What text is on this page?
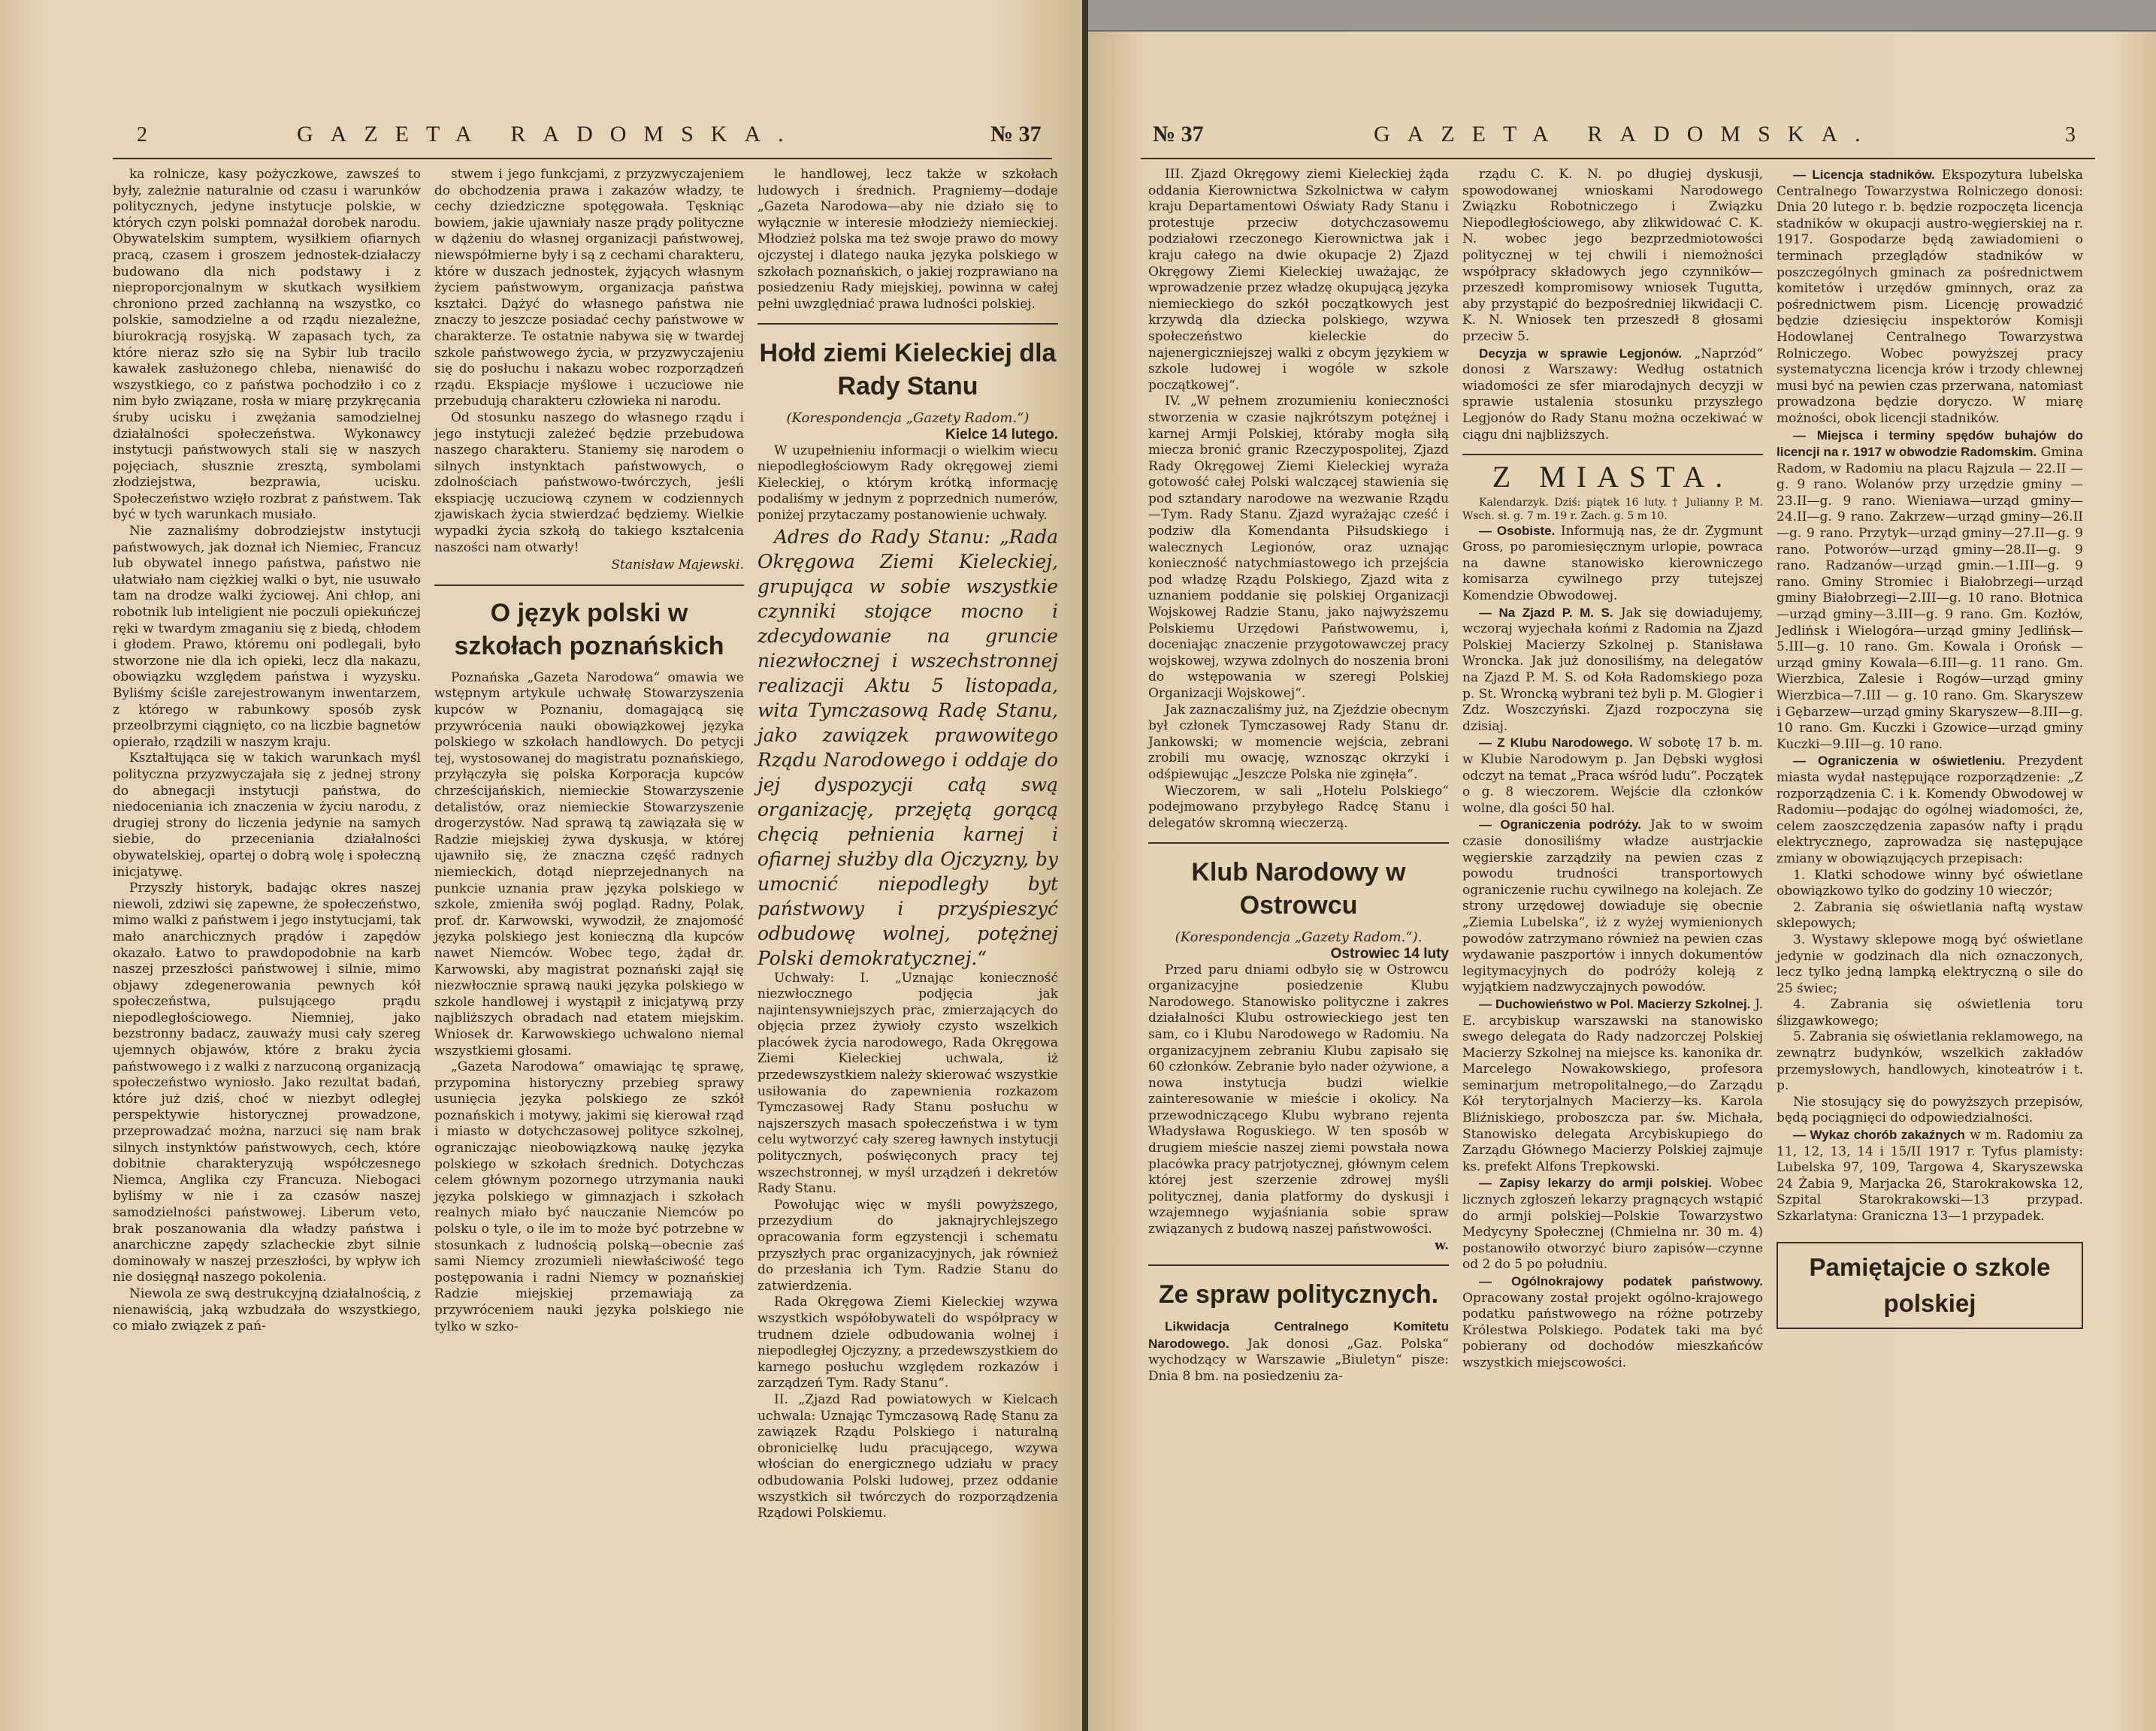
2	GAZETA RADOMSKA.	№ 37

ka rolnicze, kasy pożyczkowe, zawsześ to były, zależnie naturalnie od czasu i warunków politycznych, jedyne instytucje polskie, w których czyn polski pomnażał dorobek narodu. Obywatelskim sumptem, wysiłkiem ofiarnych pracą, czasem i groszem jednostek-działaczy budowano dla nich podstawy i z nieproporcjonalnym w skutkach wysiłkiem chroniono przed zachłanną na wszystko, co polskie, samodzielne a od rządu niezależne, biurokracją rosyjską. W zapasach tych, za które nieraz szło się na Sybir lub tracilo kawałek zasłużonego chleba, nienawiść do wszystkiego, co z państwa pochodziło i co z nim było związane, rosła w miarę przykręcania śruby ucisku i zwężania samodzielnej działalności społeczeństwa. Wykonawcy instytucji państwowych stali się w naszych pojęciach, słusznie zresztą, symbolami złodziejstwa, bezprawia, ucisku. Społeczeństwo wzięło rozbrat z państwem. Tak być w tych warunkach musiało.

Nie zaznaliśmy dobrodziejstw instytucji państwowych, jak doznał ich Niemiec, Francuz lub obywatel innego państwa, państwo nie ułatwiało nam ciężkiej walki o byt, nie usuwało tam na drodze walki życiowej. Ani chłop, ani robotnik lub inteligient nie poczuli opiekuńczej ręki w twardym zmaganiu się z biedą, chłodem i głodem. Prawo, któremu oni podlegali, było stworzone nie dla ich opieki, lecz dla nakazu, obowiązku względem państwa i wyzysku. Byliśmy ściśle zarejestrowanym inwentarzem, z którego w rabunkowy sposób zysk przeolbrzymi ciągnięto, co na liczbie bagnetów opierało, rządzili w naszym kraju.

Kształtująca się w takich warunkach myśl polityczna przyzwyczajała się z jednej strony do abnegacji instytucji państwa, do niedoceniania ich znaczenia w życiu narodu, z drugiej strony do liczenia jedynie na samych siebie, do przeceniania działalności obywatelskiej, opartej o dobrą wolę i społeczną inicjatywę.

Przyszły historyk, badając okres naszej niewoli, zdziwi się zapewne, że społeczeństwo, mimo walki z państwem i jego instytucjami, tak mało anarchicznych prądów i zapędów okazało. Łatwo to prawdopodobnie na karb naszej przeszłości państwowej i silnie, mimo objawy zdegenerowania pewnych kół społeczeństwa, pulsującego prądu niepodległościowego. Niemniej, jako bezstronny badacz, zauważy musi cały szereg ujemnych objawów, które z braku życia państwowego i z walki z narzuconą organizacją społeczeństwo wyniosło. Jako rezultat badań, które już dziś, choć w niezbyt odległej perspektywie historycznej prowadzone, przeprowadzać można, narzuci się nam brak silnych instynktów państwowych, cech, które dobitnie charakteryzują współczesnego Niemca, Anglika czy Francuza. Niebogaci byliśmy w nie i za czasów naszej samodzielności państwowej. Liberum veto, brak poszanowania dla władzy państwa i anarchiczne zapędy szlacheckie zbyt silnie dominowały w naszej przeszłości, by wpływ ich nie dosięgnął naszego pokolenia.

Niewola ze swą destrukcyjną działalnością, z nienawiścią, jaką wzbudzała do wszystkiego, co miało związek z pań-

stwem i jego funkcjami, z przyzwyczajeniem do obchodzenia prawa i zakazów władzy, te cechy dziedziczne spotęgowała. Tęskniąc bowiem, jakie ujawniały nasze prądy polityczne w dążeniu do własnej organizacji państwowej, niewspółmierne były i są z cechami charakteru, które w duszach jednostek, żyjących własnym życiem państwowym, organizacja państwa kształci. Dążyć do własnego państwa nie znaczy to jeszcze posiadać cechy państwowe w charakterze. Te ostatnie nabywa się w twardej szkole państwowego życia, w przyzwyczajeniu się do posłuchu i nakazu wobec rozporządzeń rządu. Ekspiacje myślowe i uczuciowe nie przebudują charakteru człowieka ni narodu.

Od stosunku naszego do własnego rządu i jego instytucji zależeć będzie przebudowa naszego charakteru. Staniemy się narodem o silnych instynktach państwowych, o zdolnościach państwowo-twórczych, jeśli ekspiację uczuciową czynem w codziennych zjawiskach życia stwierdzać będziemy. Wielkie wypadki życia szkołą do takiego kształcenia naszości nam otwarły!

Stanisław Majewski.

O język polski w szkołach poznańskich

Poznańska „Gazeta Narodowa“ omawia we wstępnym artykule uchwałę Stowarzyszenia kupców w Poznaniu, domagającą się przywrócenia nauki obowiązkowej języka polskiego w szkołach handlowych. Do petycji tej, wystosowanej do magistratu poznańskiego, przyłączyła się polska Korporacja kupców chrześcijańskich, niemieckie Stowarzyszenie detalistów, oraz niemieckie Stowarzyszenie drogerzystów. Nad sprawą tą zawiązała się w Radzie miejskiej żywa dyskusja, w której ujawniło się, że znaczna część radnych niemieckich, dotąd nieprzejednanych na punkcie uznania praw języka polskiego w szkole, zmieniła swój pogląd. Radny, Polak, prof. dr. Karwowski, wywodził, że znajomość języka polskiego jest konieczną dla kupców nawet Niemców. Wobec tego, żądał dr. Karwowski, aby magistrat poznański zajął się niezwłocznie sprawą nauki języka polskiego w szkole handlowej i wystąpił z inicjatywą przy najbliższych obradach nad etatem miejskim. Wniosek dr. Karwowskiego uchwalono niemal wszystkiemi głosami.

„Gazeta Narodowa“ omawiając tę sprawę, przypomina historyczny przebieg sprawy usunięcia języka polskiego ze szkół poznańskich i motywy, jakimi się kierował rząd i miasto w dotychczasowej polityce szkolnej, ograniczając nieobowiązkową naukę języka polskiego w szkołach średnich. Dotychczas celem głównym pozornego utrzymania nauki języka polskiego w gimnazjach i szkołach realnych miało być nauczanie Niemców po polsku o tyle, o ile im to może być potrzebne w stosunkach z ludnością polską—obecnie zaś sami Niemcy zrozumieli niewłaściwość tego postępowania i radni Niemcy w poznańskiej Radzie miejskiej przemawiają za przywróceniem nauki języka polskiego nie tylko w szko-

le handlowej, lecz także w szkołach ludowych i średnich. Pragniemy—dodaje „Gazeta Narodowa—aby nie działo się to wyłącznie w interesie młodzieży niemieckiej. Młodzież polska ma też swoje prawo do mowy ojczystej i dlatego nauka języka polskiego w szkołach poznańskich, o jakiej rozprawiano na posiedzeniu Rady miejskiej, powinna w całej pełni uwzględniać prawa ludności polskiej.

Hołd ziemi Kieleckiej dla Rady Stanu

(Korespondencja „Gazety Radom.“)

Kielce 14 lutego.

W uzupełnieniu informacji o wielkim wiecu niepodległościowym Rady okręgowej ziemi Kieleckiej, o którym krótką informację podaliśmy w jednym z poprzednich numerów, poniżej przytaczamy postanowienie uchwały.

Adres do Rady Stanu: „Rada Okręgowa Ziemi Kieleckiej, grupująca w sobie wszystkie czynniki stojące mocno i zdecydowanie na gruncie niezwłocznej i wszechstronnej realizacji Aktu 5 listopada, wita Tymczasową Radę Stanu, jako zawiązek prawowitego Rządu Narodowego i oddaje do jej dyspozycji całą swą organizację, przejętą gorącą chęcią pełnienia karnej i ofiarnej służby dla Ojczyzny, by umocnić niepodległy byt państwowy i przyśpieszyć odbudowę wolnej, potężnej Polski demokratycznej.“

Uchwały: I. „Uznając konieczność niezwłocznego podjęcia jak najintensywniejszych prac, zmierzających do objęcia przez żywioły czysto wszelkich placówek życia narodowego, Rada Okręgowa Ziemi Kieleckiej uchwala, iż przedewszystkiem należy skierować wszystkie usiłowania do zapewnienia rozkazom Tymczasowej Rady Stanu posłuchu w najszerszych masach społeczeństwa i w tym celu wytworzyć cały szereg ławnych instytucji politycznych, poświęconych pracy tej wszechstronnej, w myśl urządzeń i dekretów Rady Stanu.

Powołując więc w myśli powyższego, przezydium do jaknajrychlejszego opracowania form egzystencji i schematu przyszłych prac organizacyjnych, jak również do przesłania ich Tym. Radzie Stanu do zatwierdzenia.

Rada Okręgowa Ziemi Kieleckiej wzywa wszystkich współobywateli do współpracy w trudnem dziele odbudowania wolnej i niepodległej Ojczyzny, a przedewszystkiem do karnego posłuchu względem rozkazów i zarządzeń Tym. Rady Stanu“.

II. „Zjazd Rad powiatowych w Kielcach uchwala: Uznając Tymczasową Radę Stanu za zawiązek Rządu Polskiego i naturalną obronicielkę ludu pracującego, wzywa włościan do energicznego udziału w pracy odbudowania Polski ludowej, przez oddanie wszystkich sił twórczych do rozporządzenia Rządowi Polskiemu.

№ 37	GAZETA RADOMSKA.	3

III. Zjazd Okręgowy ziemi Kieleckiej żąda oddania Kierownictwa Szkolnictwa w całym kraju Departamentowi Oświaty Rady Stanu i protestuje przeciw dotychczasowemu podziałowi rzeczonego Kierownictwa jak i kraju całego na dwie okupacje 2) Zjazd Okręgowy Ziemi Kieleckiej uważając, że wprowadzenie przez władzę okupującą języka niemieckiego do szkół początkowych jest krzywdą dla dziecka polskiego, wzywa społeczeństwo kieleckie do najenergiczniejszej walki z obcym językiem w szkole ludowej i wogóle w szkole początkowej“.

IV. „W pełnem zrozumieniu konieczności stworzenia w czasie najkrótszym potężnej i karnej Armji Polskiej, któraby mogła siłą miecza bronić granic Rzeczypospolitej, Zjazd Rady Okręgowej Ziemi Kieleckiej wyraża gotowość całej Polski walczącej stawienia się pod sztandary narodowe na wezwanie Rządu—Tym. Rady Stanu. Zjazd wyrażając cześć i podziw dla Komendanta Piłsudskiego i walecznych Legionów, oraz uznając konieczność natychmiastowego ich przejścia pod władzę Rządu Polskiego, Zjazd wita z uznaniem poddanie się polskiej Organizacji Wojskowej Radzie Stanu, jako najwyższemu Polskiemu Urzędowi Państwowemu, i, doceniając znaczenie przygotowawczej pracy wojskowej, wzywa zdolnych do noszenia broni do wstępowania w szeregi Polskiej Organizacji Wojskowej“.

Jak zaznaczaliśmy już, na Zjeździe obecnym był członek Tymczasowej Rady Stanu dr. Jankowski; w momencie wejścia, zebrani zrobili mu owację, wznosząc okrzyki i odśpiewując „Jeszcze Polska nie zginęła“.

Wieczorem, w sali „Hotelu Polskiego“ podejmowano przybyłego Radcę Stanu i delegatów skromną wieczerzą.

Klub Narodowy w Ostrowcu

(Korespondencja „Gazety Radom.“).

Ostrowiec 14 luty

Przed paru dniami odbyło się w Ostrowcu organizacyjne posiedzenie Klubu Narodowego. Stanowisko polityczne i zakres działalności Klubu ostrowieckiego jest ten sam, co i Klubu Narodowego w Radomiu. Na organizacyjnem zebraniu Klubu zapisało się 60 członków. Zebranie było nader ożywione, a nowa instytucja budzi wielkie zainteresowanie w mieście i okolicy. Na przewodniczącego Klubu wybrano rejenta Władysława Roguskiego. W ten sposób w drugiem mieście naszej ziemi powstała nowa placówka pracy patrjotycznej, głównym celem której jest szerzenie zdrowej myśli politycznej, dania platformy do dyskusji i wzajemnego wyjaśniania sobie spraw związanych z budową naszej państwowości.

w.

Ze spraw politycznych.

Likwidacja Centralnego Komitetu Narodowego. Jak donosi „Gaz. Polska“ wychodzący w Warszawie „Biuletyn“ pisze: Dnia 8 bm. na posiedzeniu za-

rządu C. K. N. po długiej dyskusji, spowodowanej wnioskami Narodowego Związku Robotniczego i Związku Niepodległościowego, aby zlikwidować C. K. N. wobec jego bezprzedmiotowości politycznej w tej chwili i niemożności współpracy składowych jego czynników—przeszedł kompromisowy wniosek Tugutta, aby przystąpić do bezpośredniej likwidacji C. K. N. Wniosek ten przeszedł 8 głosami przeciw 5.

Decyzja w sprawie Legjonów. „Naprzód“ donosi z Warszawy: Według ostatnich wiadomości ze sfer miarodajnych decyzji w sprawie ustalenia stosunku przyszłego Legjonów do Rady Stanu można oczekiwać w ciągu dni najbliższych.

Z MIASTA.

Kalendarzyk. Dziś: piątek 16 luty. † Julianny P. M. Wsch. sł. g. 7 m. 19 r. Zach. g. 5 m 10.

— Osobiste. Informują nas, że dr. Zygmunt Gross, po paromiesięcznym urlopie, powraca na dawne stanowisko kierowniczego komisarza cywilnego przy tutejszej Komendzie Obwodowej.

— Na Zjazd P. M. S. Jak się dowiadujemy, wczoraj wyjechała końmi z Radomia na Zjazd Polskiej Macierzy Szkolnej p. Stanisława Wroncka. Jak już donosiliśmy, na delegatów na Zjazd P. M. S. od Koła Radomskiego poza p. St. Wroncką wybrani też byli p. M. Glogier i Zdz. Woszczyński. Zjazd rozpoczyna się dzisiaj.

— Z Klubu Narodowego. W sobotę 17 b. m. w Klubie Narodowym p. Jan Dębski wygłosi odczyt na temat „Praca wśród ludu“. Początek o g. 8 wieczorem. Wejście dla członków wolne, dla gości 50 hal.

— Ograniczenia podróży. Jak to w swoim czasie donosiliśmy władze austrjackie węgierskie zarządziły na pewien czas z powodu trudności transportowych ograniczenie ruchu cywilnego na kolejach. Ze strony urzędowej dowiaduje się obecnie „Ziemia Lubelska“, iż z wyżej wymienionych powodów zatrzymano również na pewien czas wydawanie paszportów i innych dokumentów legitymacyjnych do podróży koleją z wyjątkiem nadzwyczajnych powodów.

— Duchowieństwo w Pol. Macierzy Szkolnej. J. E. arcybiskup warszawski na stanowisko swego delegata do Rady nadzorczej Polskiej Macierzy Szkolnej na miejsce ks. kanonika dr. Marcelego Nowakowskiego, profesora seminarjum metropolitalnego,—do Zarządu Kół terytorjalnych Macierzy—ks. Karola Bliźniskiego, proboszcza par. św. Michała, Stanowisko delegata Arcybiskupiego do Zarządu Głównego Macierzy Polskiej zajmuje ks. prefekt Alfons Trepkowski.

— Zapisy lekarzy do armji polskiej. Wobec licznych zgłoszeń lekarzy pragnących wstąpić do armji polskiej—Polskie Towarzystwo Medycyny Społecznej (Chmielna nr. 30 m. 4) postanowiło otworzyć biuro zapisów—czynne od 2 do 5 po południu.

— Ogólnokrajowy podatek państwowy. Opracowany został projekt ogólno-krajowego podatku państwowego na różne potrzeby Królestwa Polskiego. Podatek taki ma być pobierany od dochodów mieszkańców wszystkich miejscowości.

— Licencja stadników. Ekspozytura lubelska Centralnego Towarzystwa Rolniczego donosi: Dnia 20 lutego r. b. będzie rozpoczęta licencja stadników w okupacji austro-węgierskiej na r. 1917. Gospodarze będą zawiadomieni o terminach przeglądów stadników w poszczególnych gminach za pośrednictwem komitetów i urzędów gminnych, oraz za pośrednictwem pism. Licencję prowadzić będzie dziesięciu inspektorów Komisji Hodowlanej Centralnego Towarzystwa Rolniczego. Wobec powyższej pracy systematyczna licencja krów i trzody chlewnej musi być na pewien czas przerwana, natomiast prowadzona będzie doryczo. W miarę możności, obok licencji stadników.

— Miejsca i terminy spędów buhajów do licencji na r. 1917 w obwodzie Radomskim. Gmina Radom, w Radomiu na placu Rajzula — 22.II — g. 9 rano. Wolanów przy urzędzie gminy —23.II—g. 9 rano. Wieniawa—urząd gminy—24.II—g. 9 rano. Zakrzew—urząd gminy—26.II—g. 9 rano. Przytyk—urząd gminy—27.II—g. 9 rano. Potworów—urząd gminy—28.II—g. 9 rano. Radzanów—urząd gmin.—1.III—g. 9 rano. Gminy Stromiec i Białobrzegi—urząd gminy Białobrzegi—2.III—g. 10 rano. Błotnica—urząd gminy—3.III—g. 9 rano. Gm. Kozłów, Jedlińsk i Wielogóra—urząd gminy Jedlińsk—5.III—g. 10 rano. Gm. Kowala i Orońsk — urząd gminy Kowala—6.III—g. 11 rano. Gm. Wierzbica, Zalesie i Rogów—urząd gminy Wierzbica—7.III — g. 10 rano. Gm. Skaryszew i Gębarzew—urząd gminy Skaryszew—8.III—g. 10 rano. Gm. Kuczki i Gzowice—urząd gminy Kuczki—9.III—g. 10 rano.

— Ograniczenia w oświetleniu. Prezydent miasta wydał następujące rozporządzenie: „Z rozporządzenia C. i k. Komendy Obwodowej w Radomiu—podając do ogólnej wiadomości, że, celem zaoszczędzenia zapasów nafty i prądu elektrycznego, zaprowadza się następujące zmiany w obowiązujących przepisach:

1. Klatki schodowe winny być oświetlane obowiązkowo tylko do godziny 10 wieczór;

2. Zabrania się oświetlania naftą wystaw sklepowych;

3. Wystawy sklepowe mogą być oświetlane jedynie w godzinach dla nich oznaczonych, lecz tylko jedną lampką elektryczną o sile do 25 świec;

4. Zabrania się oświetlenia toru ślizgawkowego;

5. Zabrania się oświetlania reklamowego, na zewnątrz budynków, wszelkich zakładów przemysłowych, handlowych, kinoteatrów i t. p.

Nie stosujący się do powyższych przepisów, będą pociągnięci do odpowiedzialności.

— Wykaz chorób zakaźnych w m. Radomiu za 11, 12, 13, 14 i 15/II 1917 r. Tyfus plamisty: Lubelska 97, 109, Targowa 4, Skaryszewska 24 Żabia 9, Marjacka 26, Starokrakowska 12, Szpital Starokrakowski—13 przypad. Szkarlatyna: Graniczna 13—1 przypadek.

Pamiętajcie o szkole polskiej
